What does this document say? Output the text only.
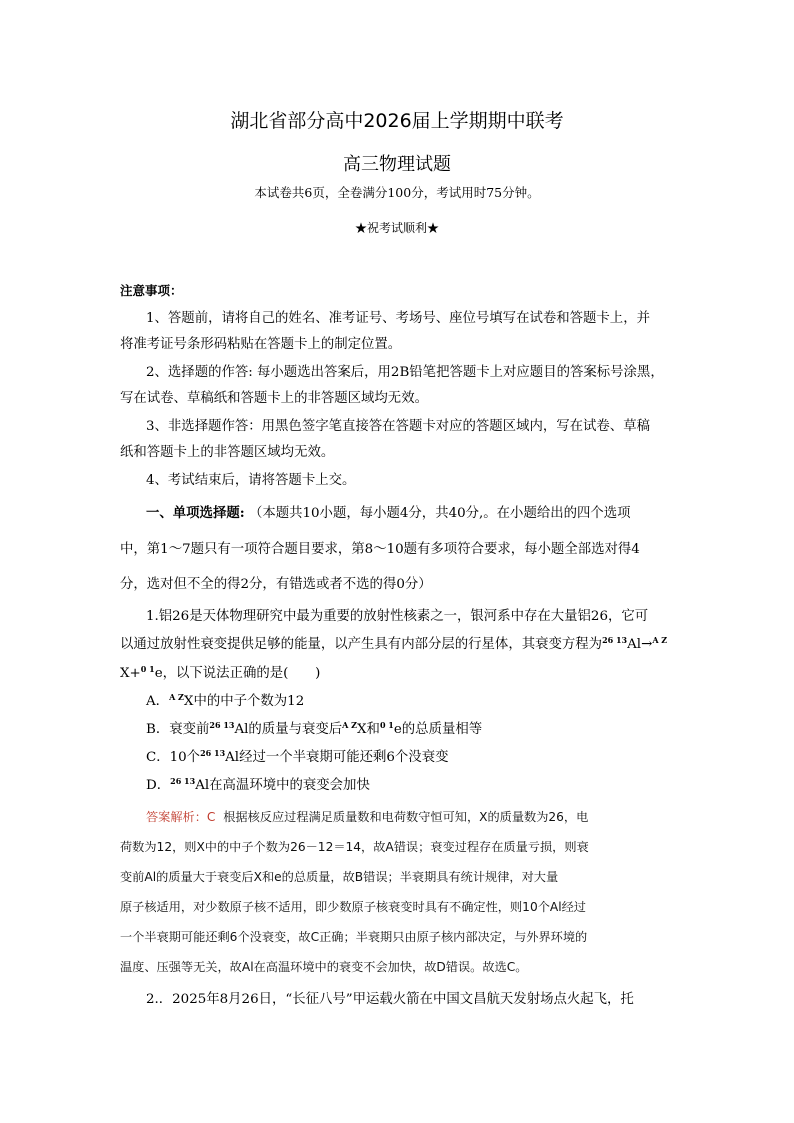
湖北省部分高中2026届上学期期中联考
高三物理试题
本试卷共6页，全卷满分100分，考试用时75分钟。
★祝考试顺利★
注意事项：
1、答题前，请将自己的姓名、准考证号、考场号、座位号填写在试卷和答题卡上，并
将准考证号条形码粘贴在答题卡上的制定位置。
2、选择题的作答: 每小题选出答案后，用2B铅笔把答题卡上对应题目的答案标号涂黑，
写在试卷、草稿纸和答题卡上的非答题区域均无效。
3、非选择题作答：用黑色签字笔直接答在答题卡对应的答题区域内，写在试卷、草稿
纸和答题卡上的非答题区域均无效。
4、考试结束后，请将答题卡上交。
一、单项选择题: （本题共10小题，每小题4分，共40分,。在小题给出的四个选项
中，第1～7题只有一项符合题目要求，第8～10题有多项符合要求，每小题全部选对得4
分，选对但不全的得2分，有错选或者不选的得0分）
1.铝26是天体物理研究中最为重要的放射性核素之一，银河系中存在大量铝26，它可
以通过放射性衰变提供足够的能量，以产生具有内部分层的行星体，其衰变方程为$^{26 13}$Al→$^{A Z}$
X+$^{0 1}$e，以下说法正确的是(　　)
A．$^{A Z}$X中的中子个数为12
B．衰变前$^{26 13}$Al的质量与衰变后$^{A Z}$X和$^{0 1}$e的总质量相等
C．10个$^{26 13}$Al经过一个半衰期可能还剩6个没衰变
D．$^{26 13}$Al在高温环境中的衰变会加快
答案解析：C 根据核反应过程满足质量数和电荷数守恒可知，X的质量数为26，电
荷数为12，则X中的中子个数为26－12＝14，故A错误；衰变过程存在质量亏损，则衰
变前Al的质量大于衰变后X和e的总质量，故B错误；半衰期具有统计规律，对大量
原子核适用，对少数原子核不适用，即少数原子核衰变时具有不确定性，则10个Al经过
一个半衰期可能还剩6个没衰变，故C正确；半衰期只由原子核内部决定，与外界环境的
温度、压强等无关，故Al在高温环境中的衰变不会加快，故D错误。故选C。
2.．2025年8月26日，“长征八号”甲运载火箭在中国文昌航天发射场点火起飞，托
